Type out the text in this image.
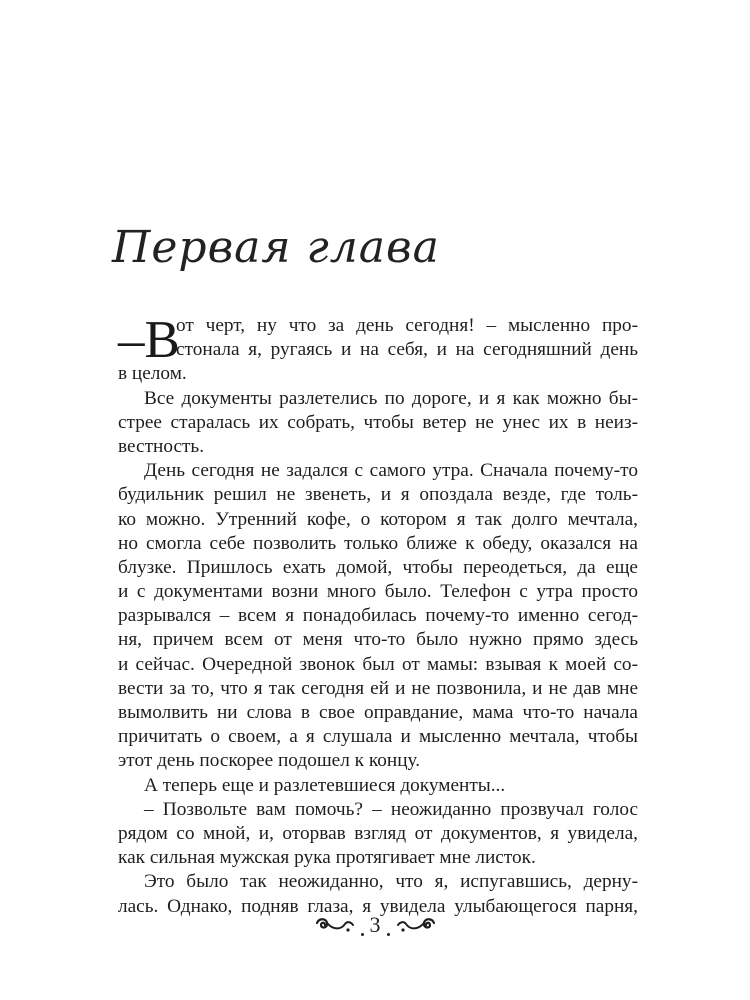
Первая глава
–В
от черт, ну что за день сегодня! – мысленно про-
стонала я, ругаясь и на себя, и на сегодняшний день
в целом.
Все документы разлетелись по дороге, и я как можно бы-
стрее старалась их собрать, чтобы ветер не унес их в неиз-
вестность.
День сегодня не задался с самого утра. Сначала почему-то
будильник решил не звенеть, и я опоздала везде, где толь-
ко можно. Утренний кофе, о котором я так долго мечтала,
но смогла себе позволить только ближе к обеду, оказался на
блузке. Пришлось ехать домой, чтобы переодеться, да еще
и с документами возни много было. Телефон с утра просто
разрывался – всем я понадобилась почему-то именно сегод-
ня, причем всем от меня что-то было нужно прямо здесь
и сейчас. Очередной звонок был от мамы: взывая к моей со-
вести за то, что я так сегодня ей и не позвонила, и не дав мне
вымолвить ни слова в свое оправдание, мама что-то начала
причитать о своем, а я слушала и мысленно мечтала, чтобы
этот день поскорее подошел к концу.
А теперь еще и разлетевшиеся документы...
– Позвольте вам помочь? – неожиданно прозвучал голос
рядом со мной, и, оторвав взгляд от документов, я увидела,
как сильная мужская рука протягивает мне листок.
Это было так неожиданно, что я, испугавшись, дерну-
лась. Однако, подняв глаза, я увидела улыбающегося парня,
3
